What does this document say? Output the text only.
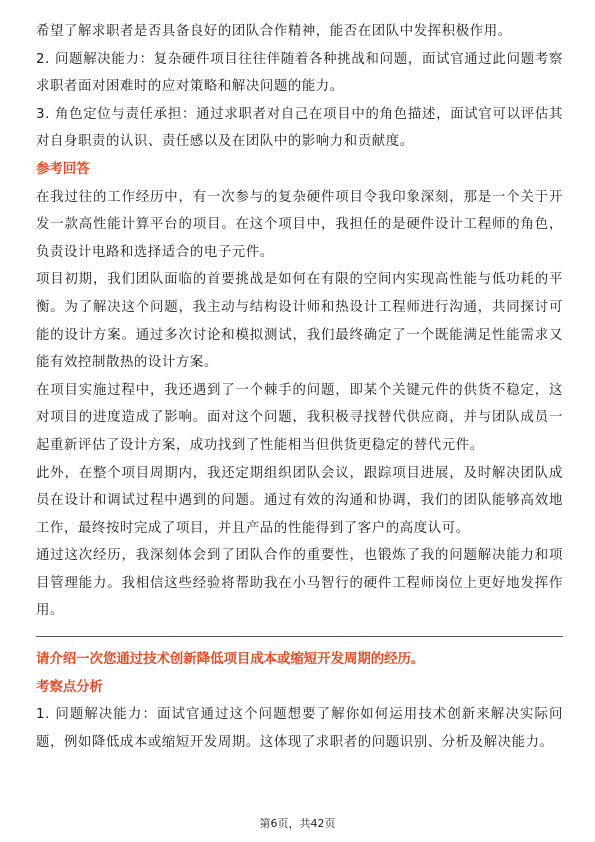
希望了解求职者是否具备良好的团队合作精神，能否在团队中发挥积极作用。

2. 问题解决能力：复杂硬件项目往往伴随着各种挑战和问题，面试官通过此问题考察求职者面对困难时的应对策略和解决问题的能力。

3. 角色定位与责任承担：通过求职者对自己在项目中的角色描述，面试官可以评估其对自身职责的认识、责任感以及在团队中的影响力和贡献度。

参考回答

在我过往的工作经历中，有一次参与的复杂硬件项目令我印象深刻，那是一个关于开发一款高性能计算平台的项目。在这个项目中，我担任的是硬件设计工程师的角色，负责设计电路和选择适合的电子元件。

项目初期，我们团队面临的首要挑战是如何在有限的空间内实现高性能与低功耗的平衡。为了解决这个问题，我主动与结构设计师和热设计工程师进行沟通，共同探讨可能的设计方案。通过多次讨论和模拟测试，我们最终确定了一个既能满足性能需求又能有效控制散热的设计方案。

在项目实施过程中，我还遇到了一个棘手的问题，即某个关键元件的供货不稳定，这对项目的进度造成了影响。面对这个问题，我积极寻找替代供应商，并与团队成员一起重新评估了设计方案，成功找到了性能相当但供货更稳定的替代元件。

此外，在整个项目周期内，我还定期组织团队会议，跟踪项目进展，及时解决团队成员在设计和调试过程中遇到的问题。通过有效的沟通和协调，我们的团队能够高效地工作，最终按时完成了项目，并且产品的性能得到了客户的高度认可。

通过这次经历，我深刻体会到了团队合作的重要性，也锻炼了我的问题解决能力和项目管理能力。我相信这些经验将帮助我在小马智行的硬件工程师岗位上更好地发挥作用。

请介绍一次您通过技术创新降低项目成本或缩短开发周期的经历。
考察点分析

1. 问题解决能力：面试官通过这个问题想要了解你如何运用技术创新来解决实际问题，例如降低成本或缩短开发周期。这体现了求职者的问题识别、分析及解决能力。

第6页，共42页
